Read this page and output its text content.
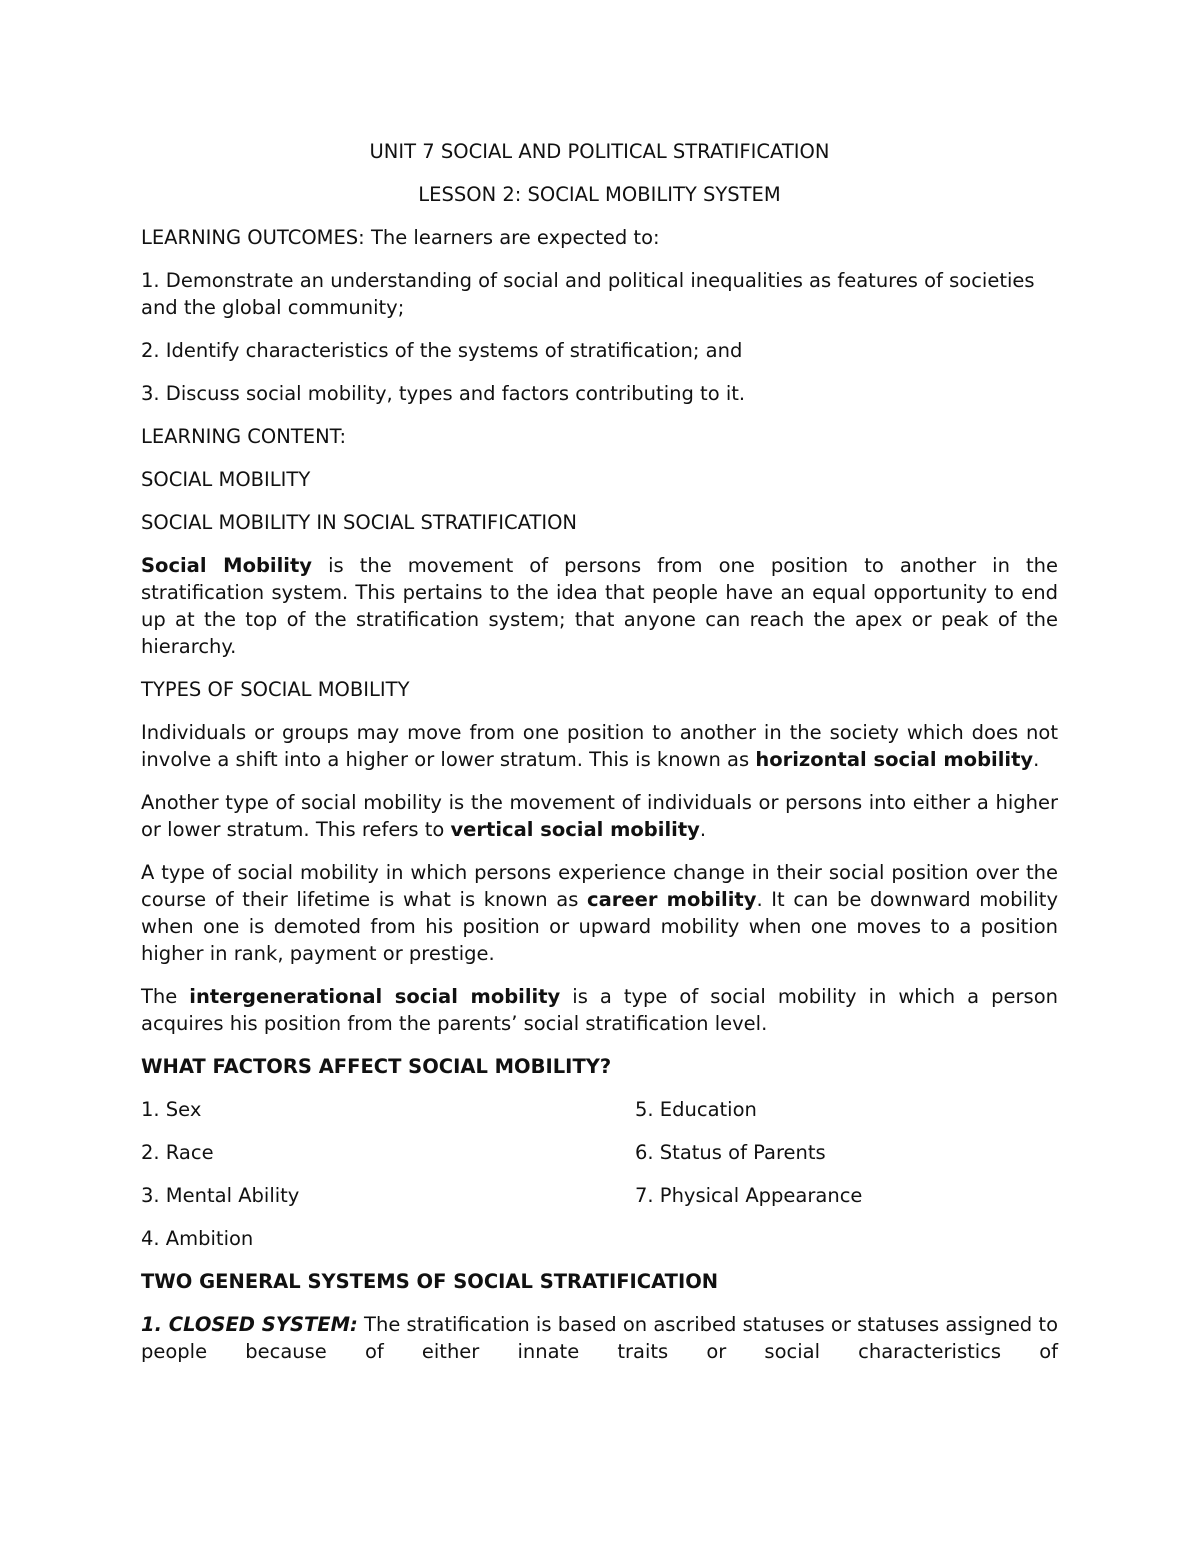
UNIT 7 SOCIAL AND POLITICAL STRATIFICATION
LESSON 2: SOCIAL MOBILITY SYSTEM
LEARNING OUTCOMES: The learners are expected to:
1. Demonstrate an understanding of social and political inequalities as features of societies and the global community;
2. Identify characteristics of the systems of stratification; and
3. Discuss social mobility, types and factors contributing to it.
LEARNING CONTENT:
SOCIAL MOBILITY
SOCIAL MOBILITY IN SOCIAL STRATIFICATION
Social Mobility is the movement of persons from one position to another in the stratification system. This pertains to the idea that people have an equal opportunity to end up at the top of the stratification system; that anyone can reach the apex or peak of the hierarchy.
TYPES OF SOCIAL MOBILITY
Individuals or groups may move from one position to another in the society which does not involve a shift into a higher or lower stratum. This is known as horizontal social mobility.
Another type of social mobility is the movement of individuals or persons into either a higher or lower stratum. This refers to vertical social mobility.
A type of social mobility in which persons experience change in their social position over the course of their lifetime is what is known as career mobility. It can be downward mobility when one is demoted from his position or upward mobility when one moves to a position higher in rank, payment or prestige.
The intergenerational social mobility is a type of social mobility in which a person acquires his position from the parents’ social stratification level.
WHAT FACTORS AFFECT SOCIAL MOBILITY?
1. Sex	5. Education
2. Race	6. Status of Parents
3. Mental Ability	7. Physical Appearance
4. Ambition
TWO GENERAL SYSTEMS OF SOCIAL STRATIFICATION
1. CLOSED SYSTEM: The stratification is based on ascribed statuses or statuses assigned to people because of either innate traits or social characteristics of
